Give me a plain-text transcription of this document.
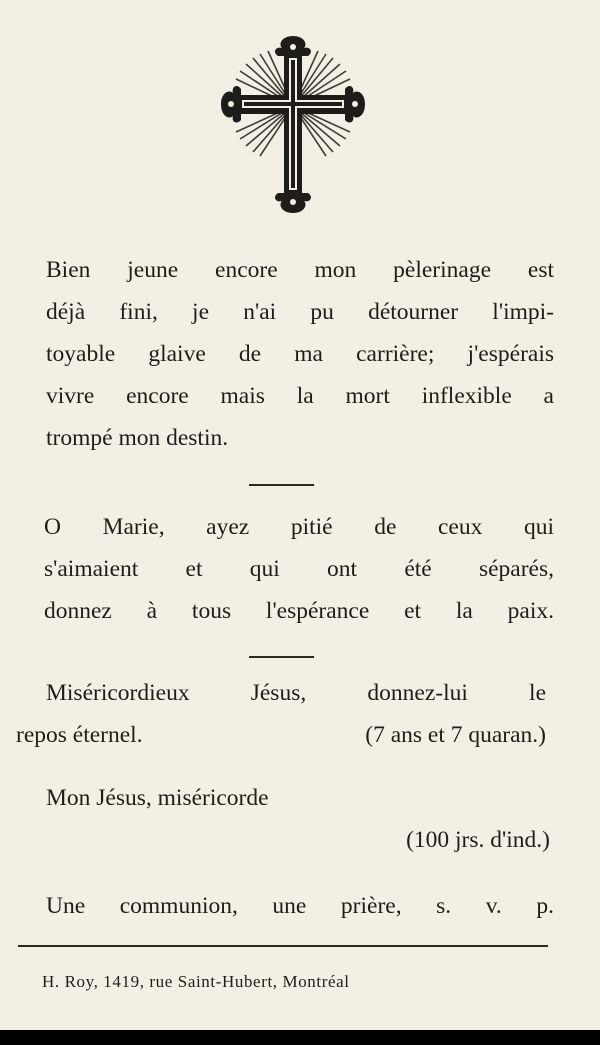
Bien jeune encore mon pèlerinage est
déjà fini, je n'ai pu détourner l'impi-
toyable glaive de ma carrière; j'espérais
vivre encore mais la mort inflexible a
trompé mon destin.
O Marie, ayez pitié de ceux qui
s'aimaient et qui ont été séparés,
donnez à tous l'espérance et la paix.
Miséricordieux Jésus, donnez-lui le
repos éternel.	(7 ans et 7 quaran.)
Mon Jésus, miséricorde
(100 jrs. d'ind.)
Une communion, une prière, s. v. p.
H. Roy, 1419, rue Saint-Hubert, Montréal
